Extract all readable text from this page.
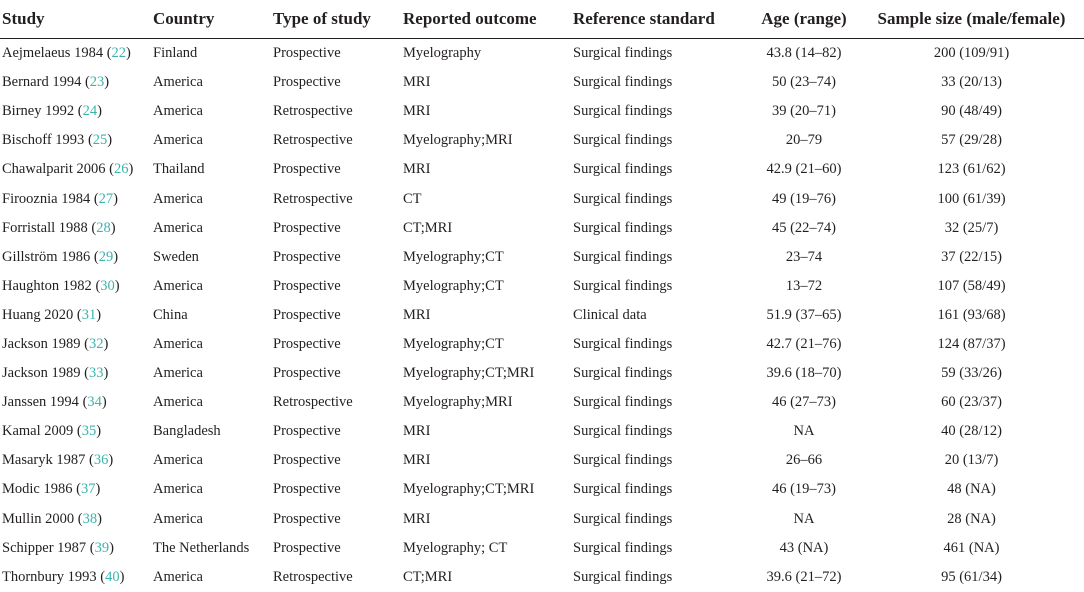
Study	Country	Type of study	Reported outcome	Reference standard	Age (range)	Sample size (male/female)
Aejmelaeus 1984 (22)	Finland	Prospective	Myelography	Surgical findings	43.8 (14–82)	200 (109/91)
Bernard 1994 (23)	America	Prospective	MRI	Surgical findings	50 (23–74)	33 (20/13)
Birney 1992 (24)	America	Retrospective	MRI	Surgical findings	39 (20–71)	90 (48/49)
Bischoff 1993 (25)	America	Retrospective	Myelography;MRI	Surgical findings	20–79	57 (29/28)
Chawalparit 2006 (26)	Thailand	Prospective	MRI	Surgical findings	42.9 (21–60)	123 (61/62)
Firooznia 1984 (27)	America	Retrospective	CT	Surgical findings	49 (19–76)	100 (61/39)
Forristall 1988 (28)	America	Prospective	CT;MRI	Surgical findings	45 (22–74)	32 (25/7)
Gillström 1986 (29)	Sweden	Prospective	Myelography;CT	Surgical findings	23–74	37 (22/15)
Haughton 1982 (30)	America	Prospective	Myelography;CT	Surgical findings	13–72	107 (58/49)
Huang 2020 (31)	China	Prospective	MRI	Clinical data	51.9 (37–65)	161 (93/68)
Jackson 1989 (32)	America	Prospective	Myelography;CT	Surgical findings	42.7 (21–76)	124 (87/37)
Jackson 1989 (33)	America	Prospective	Myelography;CT;MRI	Surgical findings	39.6 (18–70)	59 (33/26)
Janssen 1994 (34)	America	Retrospective	Myelography;MRI	Surgical findings	46 (27–73)	60 (23/37)
Kamal 2009 (35)	Bangladesh	Prospective	MRI	Surgical findings	NA	40 (28/12)
Masaryk 1987 (36)	America	Prospective	MRI	Surgical findings	26–66	20 (13/7)
Modic 1986 (37)	America	Prospective	Myelography;CT;MRI	Surgical findings	46 (19–73)	48 (NA)
Mullin 2000 (38)	America	Prospective	MRI	Surgical findings	NA	28 (NA)
Schipper 1987 (39)	The Netherlands	Prospective	Myelography; CT	Surgical findings	43 (NA)	461 (NA)
Thornbury 1993 (40)	America	Retrospective	CT;MRI	Surgical findings	39.6 (21–72)	95 (61/34)
